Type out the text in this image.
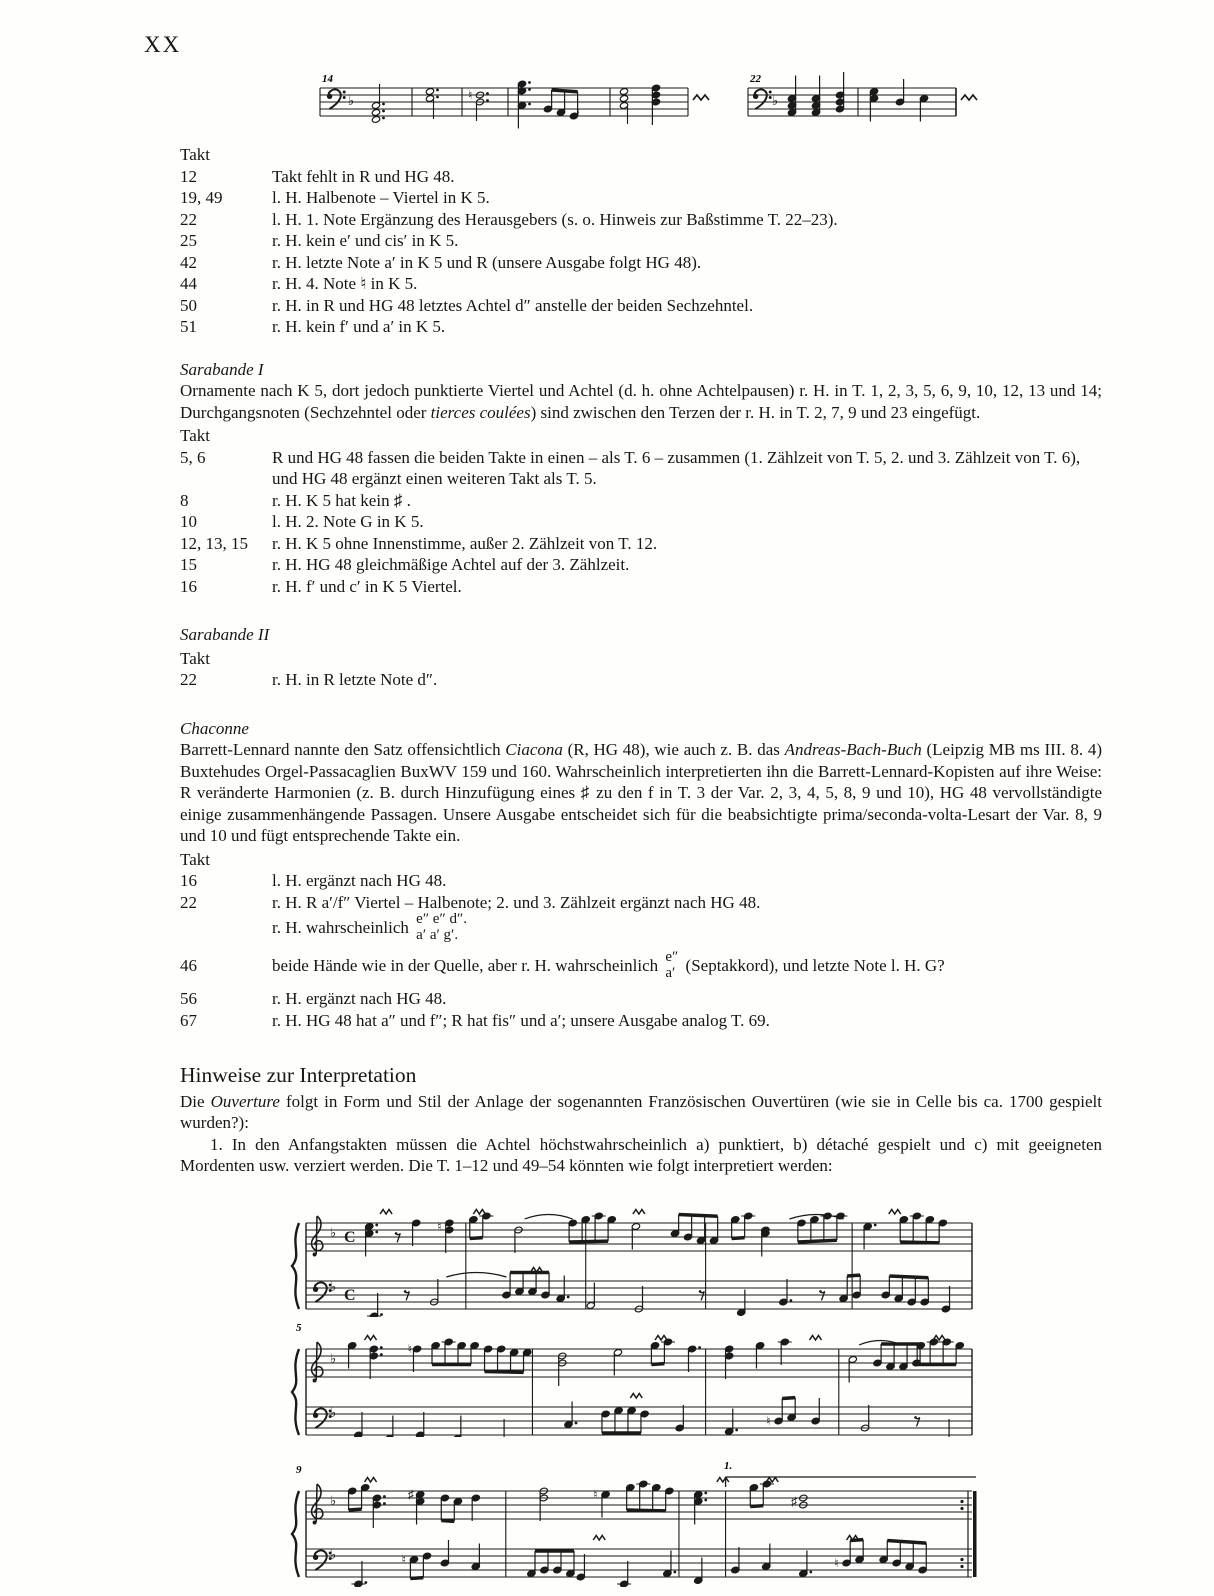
XX
14	22
♭	♮
♮
♭
Takt
12	Takt fehlt in R und HG 48.
19, 49	l. H. Halbenote – Viertel in K 5.
22	l. H. 1. Note Ergänzung des Herausgebers (s. o. Hinweis zur Baßstimme T. 22–23).
25	r. H. kein e′ und cis′ in K 5.
42	r. H. letzte Note a′ in K 5 und R (unsere Ausgabe folgt HG 48).
44	r. H. 4. Note ♮ in K 5.
50	r. H. in R und HG 48 letztes Achtel d″ anstelle der beiden Sechzehntel.
51	r. H. kein f′ und a′ in K 5.
Sarabande I
Ornamente nach K 5, dort jedoch punktierte Viertel und Achtel (d. h. ohne Achtelpausen) r. H. in T. 1, 2, 3, 5, 6, 9, 10, 12, 13 und 14; Durchgangsnoten (Sechzehntel oder tierces coulées) sind zwischen den Terzen der r. H. in T. 2, 7, 9 und 23 eingefügt.
Takt
5, 6	R und HG 48 fassen die beiden Takte in einen – als T. 6 – zusammen (1. Zählzeit von T. 5, 2. und 3. Zählzeit von T. 6), und HG 48 ergänzt einen weiteren Takt als T. 5.
8	r. H. K 5 hat kein ♯ .
10	l. H. 2. Note G in K 5.
12, 13, 15	r. H. K 5 ohne Innenstimme, außer 2. Zählzeit von T. 12.
15	r. H. HG 48 gleichmäßige Achtel auf der 3. Zählzeit.
16	r. H. f′ und c′ in K 5 Viertel.
Sarabande II
Takt
22	r. H. in R letzte Note d″.
Chaconne
Barrett-Lennard nannte den Satz offensichtlich Ciacona (R, HG 48), wie auch z. B. das Andreas-Bach-Buch (Leipzig MB ms III. 8. 4) Buxtehudes Orgel-Passacaglien BuxWV 159 und 160. Wahrscheinlich interpretierten ihn die Barrett-Lennard-Kopisten auf ihre Weise: R veränderte Harmonien (z. B. durch Hinzufügung eines ♯ zu den f in T. 3 der Var. 2, 3, 4, 5, 8, 9 und 10), HG 48 vervollständigte einige zusammenhängende Passagen. Unsere Ausgabe entscheidet sich für die beabsichtigte prima/seconda-volta-Lesart der Var. 8, 9 und 10 und fügt entsprechende Takte ein.
Takt
16	l. H. ergänzt nach HG 48.
22	r. H. R a′/f″ Viertel – Halbenote; 2. und 3. Zählzeit ergänzt nach HG 48.
r. H. wahrscheinlich e″ e″ d″.
a′ a′ g′.
46	beide Hände wie in der Quelle, aber r. H. wahrscheinlich e″
a′ (Septakkord), und letzte Note l. H. G?
56	r. H. ergänzt nach HG 48.
67	r. H. HG 48 hat a″ und f″; R hat fis″ und a′; unsere Ausgabe analog T. 69.
Hinweise zur Interpretation
Die Ouverture folgt in Form und Stil der Anlage der sogenannten Französischen Ouvertüren (wie sie in Celle bis ca. 1700 gespielt wurden?):
1. In den Anfangstakten müssen die Achtel höchstwahrscheinlich a) punktiert, b) détaché gespielt und c) mit geeigneten Mordenten usw. verziert werden. Die T. 1–12 und 49–54 könnten wie folgt interpretiert werden:
♭
♭
C
C
♮
5
♭
♭
♮
♮
9	1.
♭
♭
♯	♮	♯
♮	♮
